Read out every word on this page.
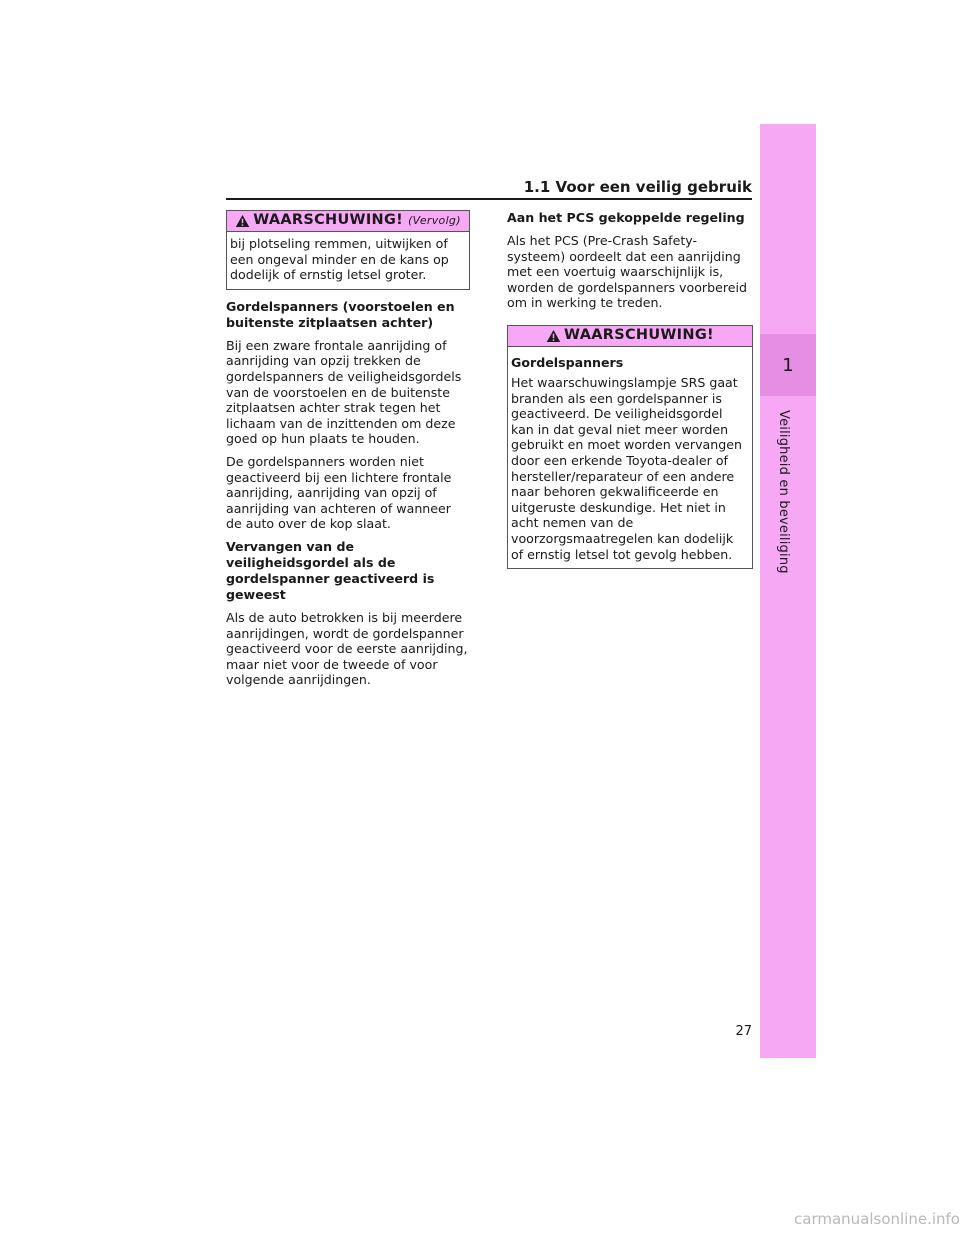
1.1 Voor een veilig gebruik
1
Veiligheid en beveiliging
WAARSCHUWING! (Vervolg)
bij plotseling remmen, uitwijken of een ongeval minder en de kans op dodelijk of ernstig letsel groter.
Gordelspanners (voorstoelen en buitenste zitplaatsen achter)

Bij een zware frontale aanrijding of aanrijding van opzij trekken de gordelspanners de veiligheidsgordels van de voorstoelen en de buitenste zitplaatsen achter strak tegen het lichaam van de inzittenden om deze goed op hun plaats te houden.

De gordelspanners worden niet geactiveerd bij een lichtere frontale aanrijding, aanrijding van opzij of aanrijding van achteren of wanneer de auto over de kop slaat.

Vervangen van de veiligheidsgordel als de gordelspanner geactiveerd is geweest

Als de auto betrokken is bij meerdere aanrijdingen, wordt de gordelspanner geactiveerd voor de eerste aanrijding, maar niet voor de tweede of voor volgende aanrijdingen.

Aan het PCS gekoppelde regeling

Als het PCS (Pre-Crash Safety-systeem) oordeelt dat een aanrijding met een voertuig waarschijnlijk is, worden de gordelspanners voorbereid om in werking te treden.

WAARSCHUWING!
Gordelspanners

Het waarschuwingslampje SRS gaat branden als een gordelspanner is geactiveerd. De veiligheidsgordel kan in dat geval niet meer worden gebruikt en moet worden vervangen door een erkende Toyota-dealer of hersteller/reparateur of een andere naar behoren gekwalificeerde en uitgeruste deskundige. Het niet in acht nemen van de voorzorgsmaatregelen kan dodelijk of ernstig letsel tot gevolg hebben.

27
carmanualsonline.info
